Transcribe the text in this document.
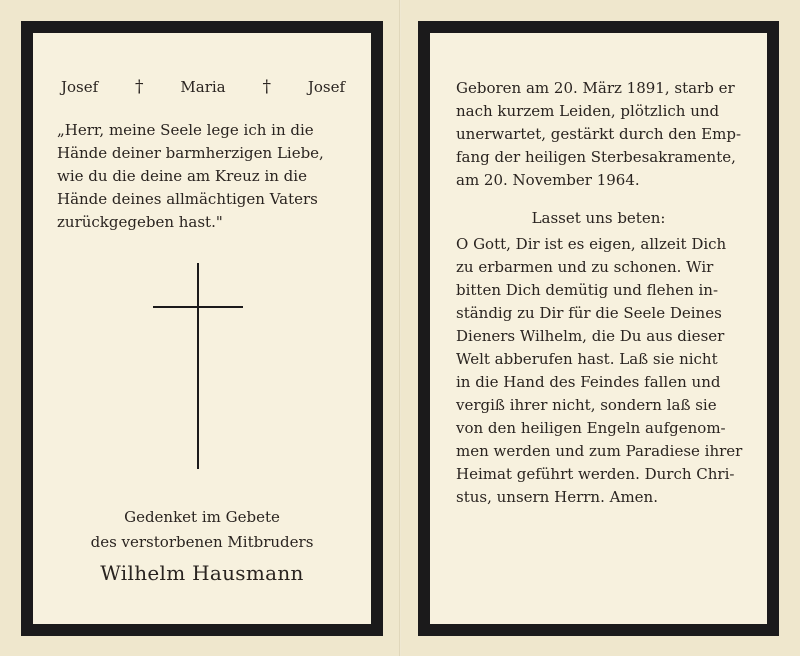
Josef † Maria † Josef

„Herr, meine Seele lege ich in die
Hände deiner barmherzigen Liebe,
wie du die deine am Kreuz in die
Hände deines allmächtigen Vaters
zurückgegeben hast."

Gedenket im Gebete
des verstorbenen Mitbruders
Wilhelm Hausmann

Geboren am 20. März 1891, starb er
nach kurzem Leiden, plötzlich und
unerwartet, gestärkt durch den Emp-
fang der heiligen Sterbesakramente,
am 20. November 1964.

Lasset uns beten:

O Gott, Dir ist es eigen, allzeit Dich
zu erbarmen und zu schonen. Wir
bitten Dich demütig und flehen in-
ständig zu Dir für die Seele Deines
Dieners Wilhelm, die Du aus dieser
Welt abberufen hast. Laß sie nicht
in die Hand des Feindes fallen und
vergiß ihrer nicht, sondern laß sie
von den heiligen Engeln aufgenom-
men werden und zum Paradiese ihrer
Heimat geführt werden. Durch Chri-
stus, unsern Herrn. Amen.
